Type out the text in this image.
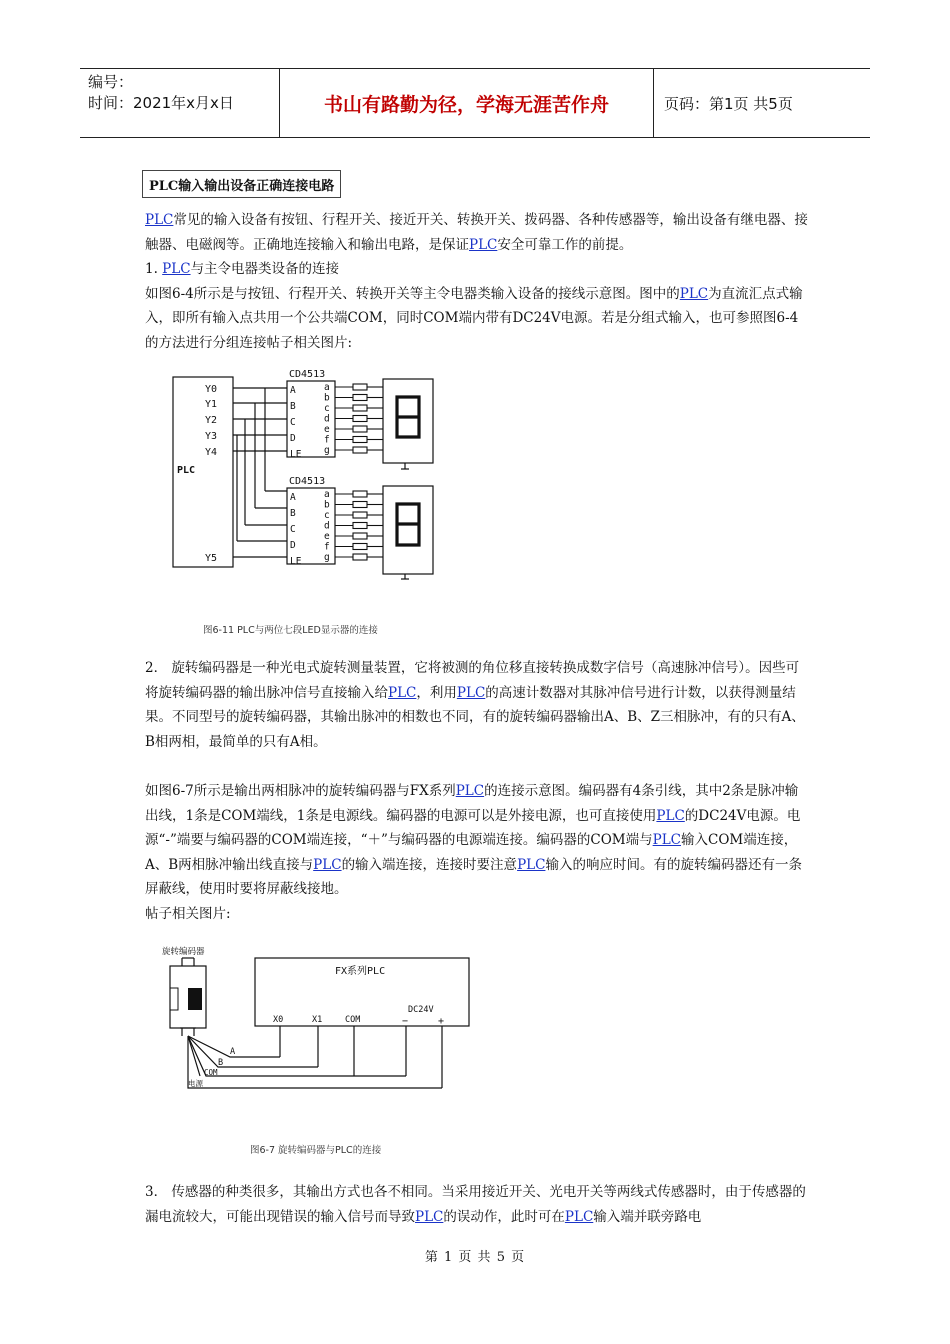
编号：
时间：2021年x月x日	书山有路勤为径，学海无涯苦作舟	页码：第1页 共5页
PLC输入输出设备正确连接电路

PLC常见的输入设备有按钮、行程开关、接近开关、转换开关、拨码器、各种传感器等，输出设备有继电器、接触器、电磁阀等。正确地连接输入和输出电路，是保证PLC安全可靠工作的前提。

1. PLC与主令电器类设备的连接

如图6-4所示是与按钮、行程开关、转换开关等主令电器类输入设备的接线示意图。图中的PLC为直流汇点式输入，即所有输入点共用一个公共端COM，同时COM端内带有DC24V电源。若是分组式输入，也可参照图6-4的方法进行分组连接帖子相关图片:

PLC
Y0
Y1
Y2
Y3
Y4
Y5
CD4513
CD4513
A
B
C
D
LE
a
b
c
d
e
f
g
A
B
C
D
LE
a
b
c
d
e
f
g
图6-11 PLC与两位七段LED显示器的连接

2． 旋转编码器是一种光电式旋转测量装置，它将被测的角位移直接转换成数字信号（高速脉冲信号）。因些可将旋转编码器的输出脉冲信号直接输入给PLC，利用PLC的高速计数器对其脉冲信号进行计数，以获得测量结果。不同型号的旋转编码器，其输出脉冲的相数也不同，有的旋转编码器输出A、B、Z三相脉冲，有的只有A、B相两相，最简单的只有A相。

如图6-7所示是输出两相脉冲的旋转编码器与FX系列PLC的连接示意图。编码器有4条引线，其中2条是脉冲输出线，1条是COM端线，1条是电源线。编码器的电源可以是外接电源，也可直接使用PLC的DC24V电源。电源“-”端要与编码器的COM端连接，“＋”与编码器的电源端连接。编码器的COM端与PLC输入COM端连接，A、B两相脉冲输出线直接与PLC的输入端连接，连接时要注意PLC输入的响应时间。有的旋转编码器还有一条屏蔽线，使用时要将屏蔽线接地。

帖子相关图片:

旋转编码器
FX系列PLC
X0	X1	COM
DC24V
−	+
A
B
COM
电源
图6-7 旋转编码器与PLC的连接

3． 传感器的种类很多，其输出方式也各不相同。当采用接近开关、光电开关等两线式传感器时，由于传感器的漏电流较大，可能出现错误的输入信号而导致PLC的误动作，此时可在PLC输入端并联旁路电

第 1 页 共 5 页
